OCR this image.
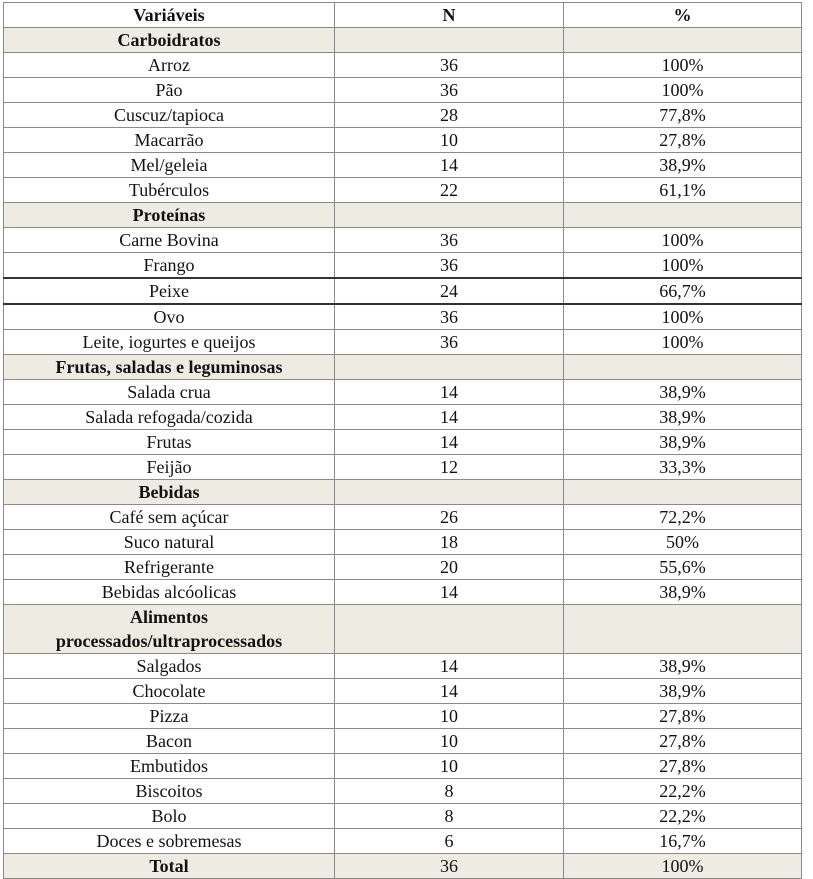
Variáveis	N	%
Carboidratos		
Arroz	36	100%
Pão	36	100%
Cuscuz/tapioca	28	77,8%
Macarrão	10	27,8%
Mel/geleia	14	38,9%
Tubérculos	22	61,1%
Proteínas		
Carne Bovina	36	100%
Frango	36	100%
Peixe	24	66,7%
Ovo	36	100%
Leite, iogurtes e queijos	36	100%
Frutas, saladas e leguminosas		
Salada crua	14	38,9%
Salada refogada/cozida	14	38,9%
Frutas	14	38,9%
Feijão	12	33,3%
Bebidas		
Café sem açúcar	26	72,2%
Suco natural	18	50%
Refrigerante	20	55,6%
Bebidas alcóolicas	14	38,9%
Alimentos
processados/ultraprocessados		
Salgados	14	38,9%
Chocolate	14	38,9%
Pizza	10	27,8%
Bacon	10	27,8%
Embutidos	10	27,8%
Biscoitos	8	22,2%
Bolo	8	22,2%
Doces e sobremesas	6	16,7%
Total	36	100%
